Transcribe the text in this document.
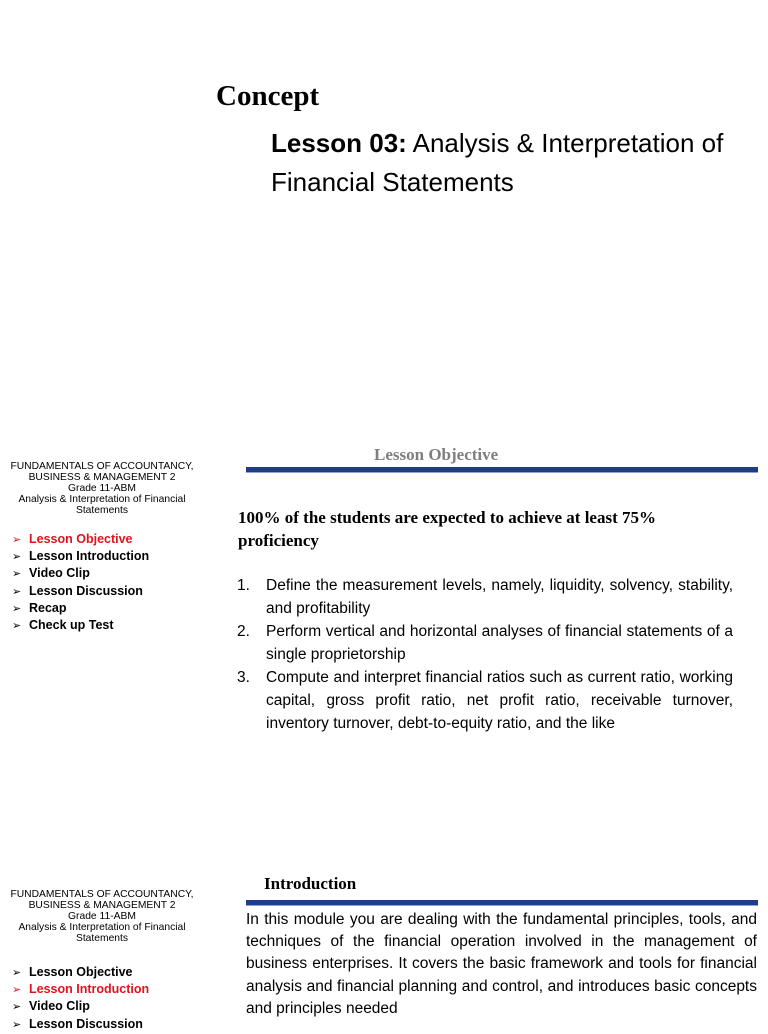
Concept
Lesson 03: Analysis & Interpretation of Financial Statements
FUNDAMENTALS OF ACCOUNTANCY,
BUSINESS & MANAGEMENT 2
Grade 11-ABM
Analysis & Interpretation of Financial
Statements
➢ Lesson Objective
➢ Lesson Introduction
➢ Video Clip
➢ Lesson Discussion
➢ Recap
➢ Check up Test
Lesson Objective
100% of the students are expected to achieve at least 75% proficiency
1.	Define the measurement levels, namely, liquidity, solvency, stability, and profitability
2.	Perform vertical and horizontal analyses of financial statements of a single proprietorship
3.	Compute and interpret financial ratios such as current ratio, working capital, gross profit ratio, net profit ratio, receivable turnover, inventory turnover, debt-to-equity ratio, and the like
FUNDAMENTALS OF ACCOUNTANCY,
BUSINESS & MANAGEMENT 2
Grade 11-ABM
Analysis & Interpretation of Financial
Statements
➢ Lesson Objective
➢ Lesson Introduction
➢ Video Clip
➢ Lesson Discussion
Introduction
In this module you are dealing with the fundamental principles, tools, and techniques of the financial operation involved in the management of business enterprises. It covers the basic framework and tools for financial analysis and financial planning and control, and introduces basic concepts and principles needed
